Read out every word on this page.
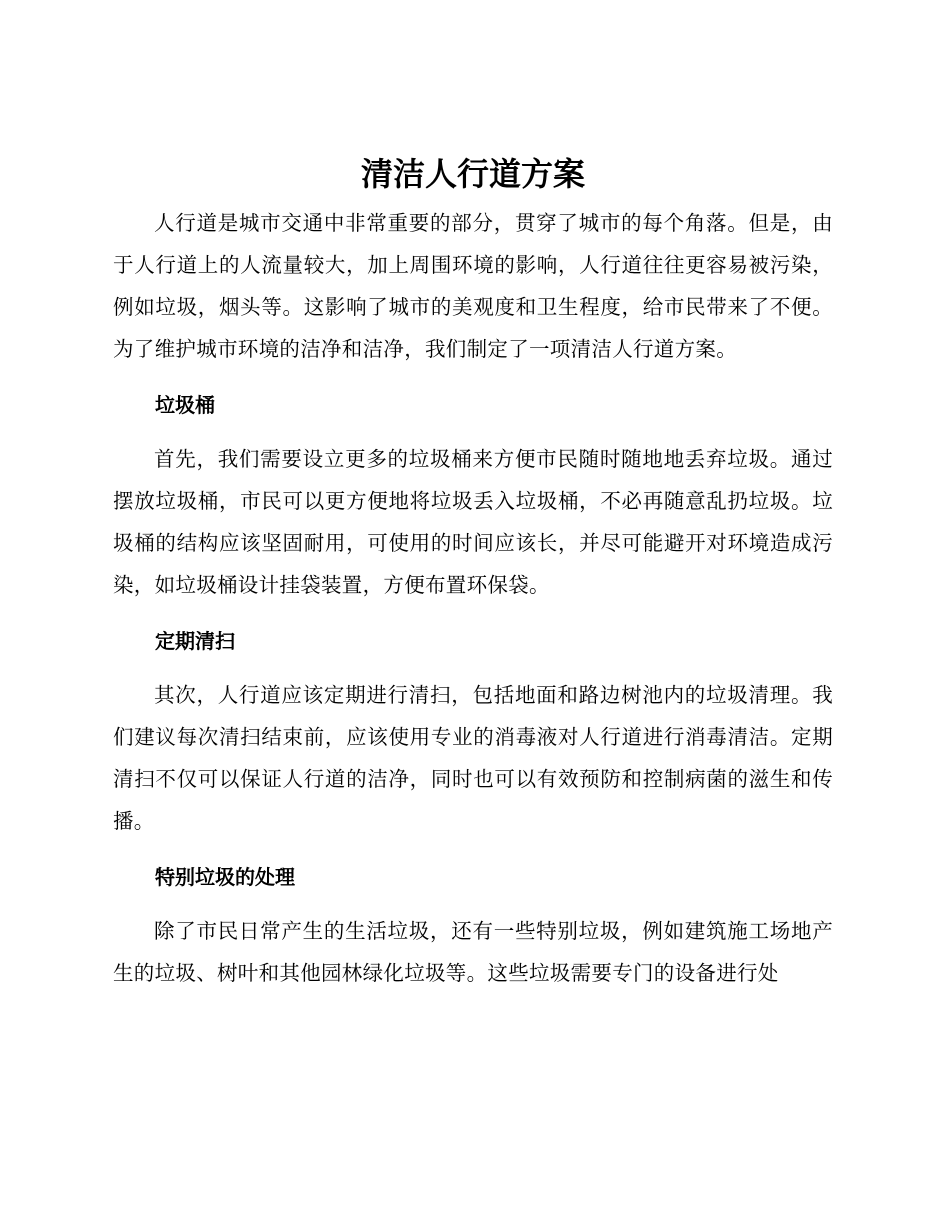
清洁人行道方案

人行道是城市交通中非常重要的部分，贯穿了城市的每个角落。但是，由于人行道上的人流量较大，加上周围环境的影响，人行道往往更容易被污染，例如垃圾，烟头等。这影响了城市的美观度和卫生程度，给市民带来了不便。为了维护城市环境的洁净和洁净，我们制定了一项清洁人行道方案。

垃圾桶

首先，我们需要设立更多的垃圾桶来方便市民随时随地地丢弃垃圾。通过摆放垃圾桶，市民可以更方便地将垃圾丢入垃圾桶，不必再随意乱扔垃圾。垃圾桶的结构应该坚固耐用，可使用的时间应该长，并尽可能避开对环境造成污染，如垃圾桶设计挂袋装置，方便布置环保袋。

定期清扫

其次，人行道应该定期进行清扫，包括地面和路边树池内的垃圾清理。我们建议每次清扫结束前，应该使用专业的消毒液对人行道进行消毒清洁。定期清扫不仅可以保证人行道的洁净，同时也可以有效预防和控制病菌的滋生和传播。

特别垃圾的处理

除了市民日常产生的生活垃圾，还有一些特别垃圾，例如建筑施工场地产生的垃圾、树叶和其他园林绿化垃圾等。这些垃圾需要专门的设备进行处
